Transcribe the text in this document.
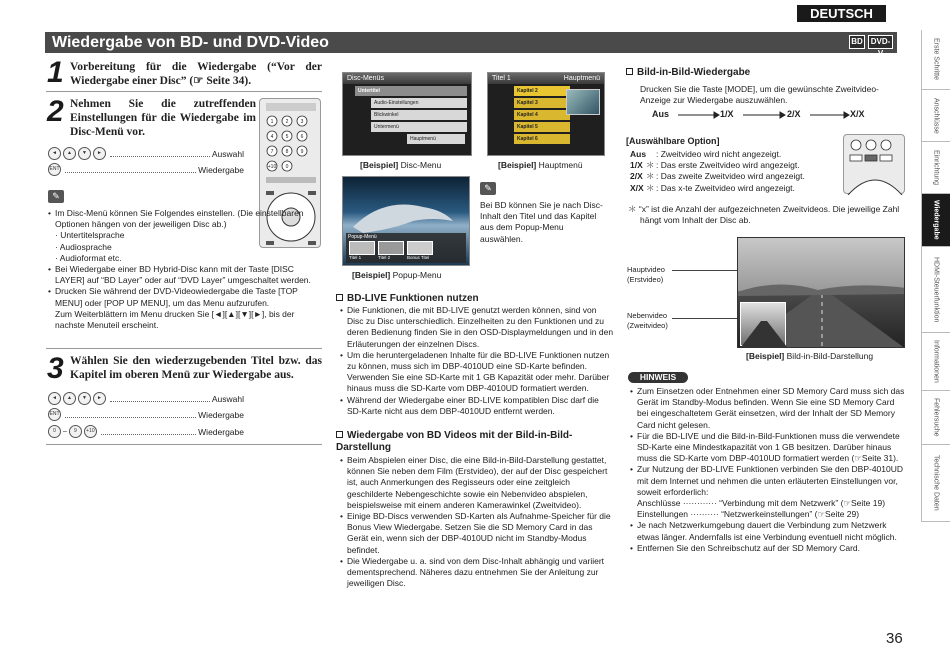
DEUTSCH
Wiedergabe von BD- und DVD-Video	BD DVD-V
1 Vorbereitung für die Wiedergabe (“Vor der Wiedergabe einer Disc” (☞ Seite 34).
2 Nehmen Sie die zutreffenden Einstellungen für die Wiedergabe im Disc-Menü vor.
1 2 3
4 5 6
7 8 9
+10 0
◄	▲	▼	►	Auswahl
ENT	Wiedergabe
✎
• Im Disc-Menü können Sie Folgendes einstellen. (Die einstellbaren Optionen hängen von der jeweiligen Disc ab.)
· Untertitelsprache
· Audiosprache
· Audioformat etc.
• Bei Wiedergabe einer BD Hybrid-Disc kann mit der Taste [DISC LAYER] auf “BD Layer” oder auf “DVD Layer” umgeschaltet werden.
• Drucken Sie während der DVD-Videowiedergabe die Taste [TOP MENU] oder [POP UP MENU], um das Menu aufzurufen.
Zum Weiterblättern im Menu drucken Sie [◄][▲][▼][►], bis der nachste Menuteil erscheint.
3 Wählen Sie den wiederzugebenden Titel bzw. das Kapitel im oberen Menü zur Wiedergabe aus.
◄	▲	▼	►	Auswahl
ENT	Wiedergabe
0	–	9	+10	Wiedergabe
Disc-Menüs
Untertitel
Audio-Einstellungen
Blickwinkel
Untermenü
Hauptmenü
[Beispiel] Disc-Menu
Titel 1	Hauptmenü
Kapitel 2
Kapitel 3
Kapitel 4
Kapitel 5
Kapitel 6
[Beispiel] Hauptmenü
Popup-Menü
Titel 1	Titel 2	Bonus Titel
[Beispiel] Popup-Menu
✎
Bei BD können Sie je nach Disc-Inhalt den Titel und das Kapitel aus dem Popup-Menu auswählen.
BD-LIVE Funktionen nutzen
• Die Funktionen, die mit BD-LIVE genutzt werden können, sind von Disc zu Disc unterschiedlich. Einzelheiten zu den Funktionen und zu deren Bedienung finden Sie in den OSD-Displaymeldungen und in den Erläuterungen der einzelnen Discs.
• Um die heruntergeladenen Inhalte für die BD-LIVE Funktionen nutzen zu können, muss sich im DBP-4010UD eine SD-Karte befinden. Verwenden Sie eine SD-Karte mit 1 GB Kapazität oder mehr. Darüber hinaus muss die SD-Karte vom DBP-4010UD formatiert werden.
• Während der Wiedergabe einer BD-LIVE kompatiblen Disc darf die SD-Karte nicht aus dem DBP-4010UD entfernt werden.
Wiedergabe von BD Videos mit der Bild-in-Bild-Darstellung
• Beim Abspielen einer Disc, die eine Bild-in-Bild-Darstellung gestattet, können Sie neben dem Film (Erstvideo), der auf der Disc gespeichert ist, auch Anmerkungen des Regisseurs oder eine zeitgleich geschilderte Nebengeschichte sowie ein Nebenvideo abspielen, beispielsweise mit einem anderen Kamerawinkel (Zweitvideo).
• Einige BD-Discs verwenden SD-Karten als Aufnahme-Speicher für die Bonus View Wiedergabe. Setzen Sie die SD Memory Card in das Gerät ein, wenn sich der DBP-4010UD nicht im Standby-Modus befindet.
• Die Wiedergabe u. a. sind von dem Disc-Inhalt abhängig und variiert dementsprechend. Näheres dazu entnehmen Sie der Anleitung zur jeweiligen Disc.
Bild-in-Bild-Wiedergabe
Drucken Sie die Taste [MODE], um die gewünschte Zweitvideo-Anzeige zur Wiedergabe auszuwählen.
Aus	1/X	2/X	X/X
[Auswählbare Option]
Aus : Zweitvideo wird nicht angezeigt.
1/X ＊ : Das erste Zweitvideo wird angezeigt.
2/X ＊ : Das zweite Zweitvideo wird angezeigt.
X/X ＊ : Das x-te Zweitvideo wird angezeigt.
＊ “x” ist die Anzahl der aufgezeichneten Zweitvideos. Die jeweilige Zahl hängt vom Inhalt der Disc ab.
Hauptvideo
(Erstvideo)
Nebenvideo
(Zweitvideo)
[Beispiel] Bild-in-Bild-Darstellung
HINWEIS
• Zum Einsetzen oder Entnehmen einer SD Memory Card muss sich das Gerät im Standby-Modus befinden. Wenn Sie eine SD Memory Card bei eingeschaltetem Gerät einsetzen, wird der Inhalt der SD Memory Card nicht gelesen.
• Für die BD-LIVE und die Bild-in-Bild-Funktionen muss die verwendete SD-Karte eine Mindestkapazität von 1 GB besitzen. Darüber hinaus muss die SD-Karte vom DBP-4010UD formatiert werden (☞Seite 31).
• Zur Nutzung der BD-LIVE Funktionen verbinden Sie den DBP-4010UD mit dem Internet und nehmen die unten erläuterten Einstellungen vor, soweit erforderlich:
Anschlüsse ············ “Verbindung mit dem Netzwerk” (☞Seite 19)
Einstellungen ·········· “Netzwerkeinstellungen” (☞Seite 29)
• Je nach Netzwerkumgebung dauert die Verbindung zum Netzwerk etwas länger. Andernfalls ist eine Verbindung eventuell nicht möglich.
• Entfernen Sie den Schreibschutz auf der SD Memory Card.
Erste Schritte
Anschlüsse
Einrichtung
Wiedergabe
HDMI-Steuerfunktion
Informationen
Fehlersuche
Technische Daten
36
